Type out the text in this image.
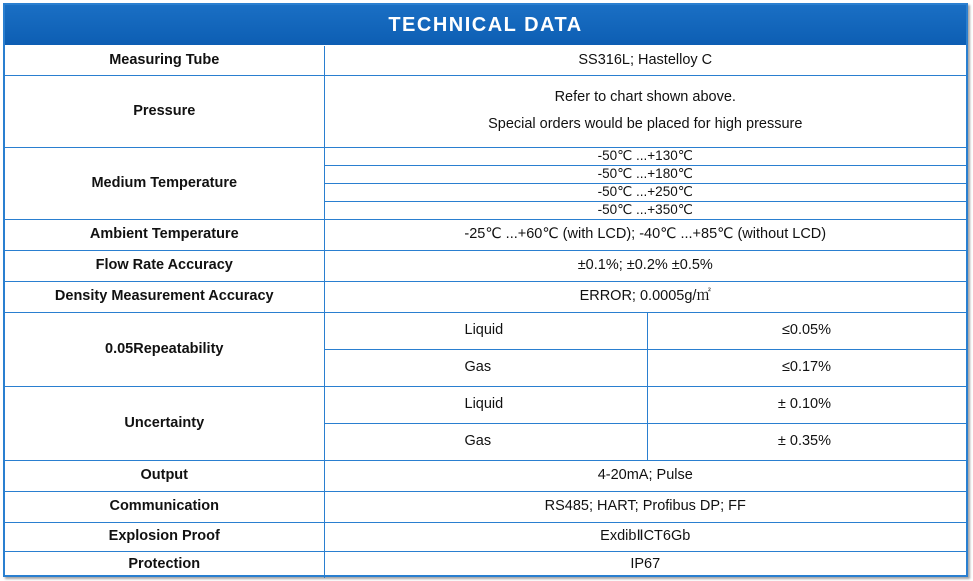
TECHNICAL DATA
Measuring Tube	SS316L; Hastelloy C	
Pressure	Refer to chart shown above.
Special orders would be placed for high pressure	

Medium Temperature	-50℃ ...+130℃	
	-50℃ ...+180℃	
	-50℃ ...+250℃	
	-50℃ ...+350℃	
Ambient Temperature	-25℃ ...+60℃ (with LCD); -40℃ ...+85℃ (without LCD)	
Flow Rate Accuracy	±0.1%; ±0.2% ±0.5%	
Density Measurement Accuracy	ERROR; 0.0005g/㎡	
0.05Repeatability	Liquid	≤0.05%
	Gas	≤0.17%
Uncertainty	Liquid	± 0.10%
	Gas	± 0.35%
Output	4-20mA; Pulse	
Communication	RS485; HART; Profibus DP; FF	
Explosion Proof	ExdibⅡCT6Gb	
Protection	IP67	
